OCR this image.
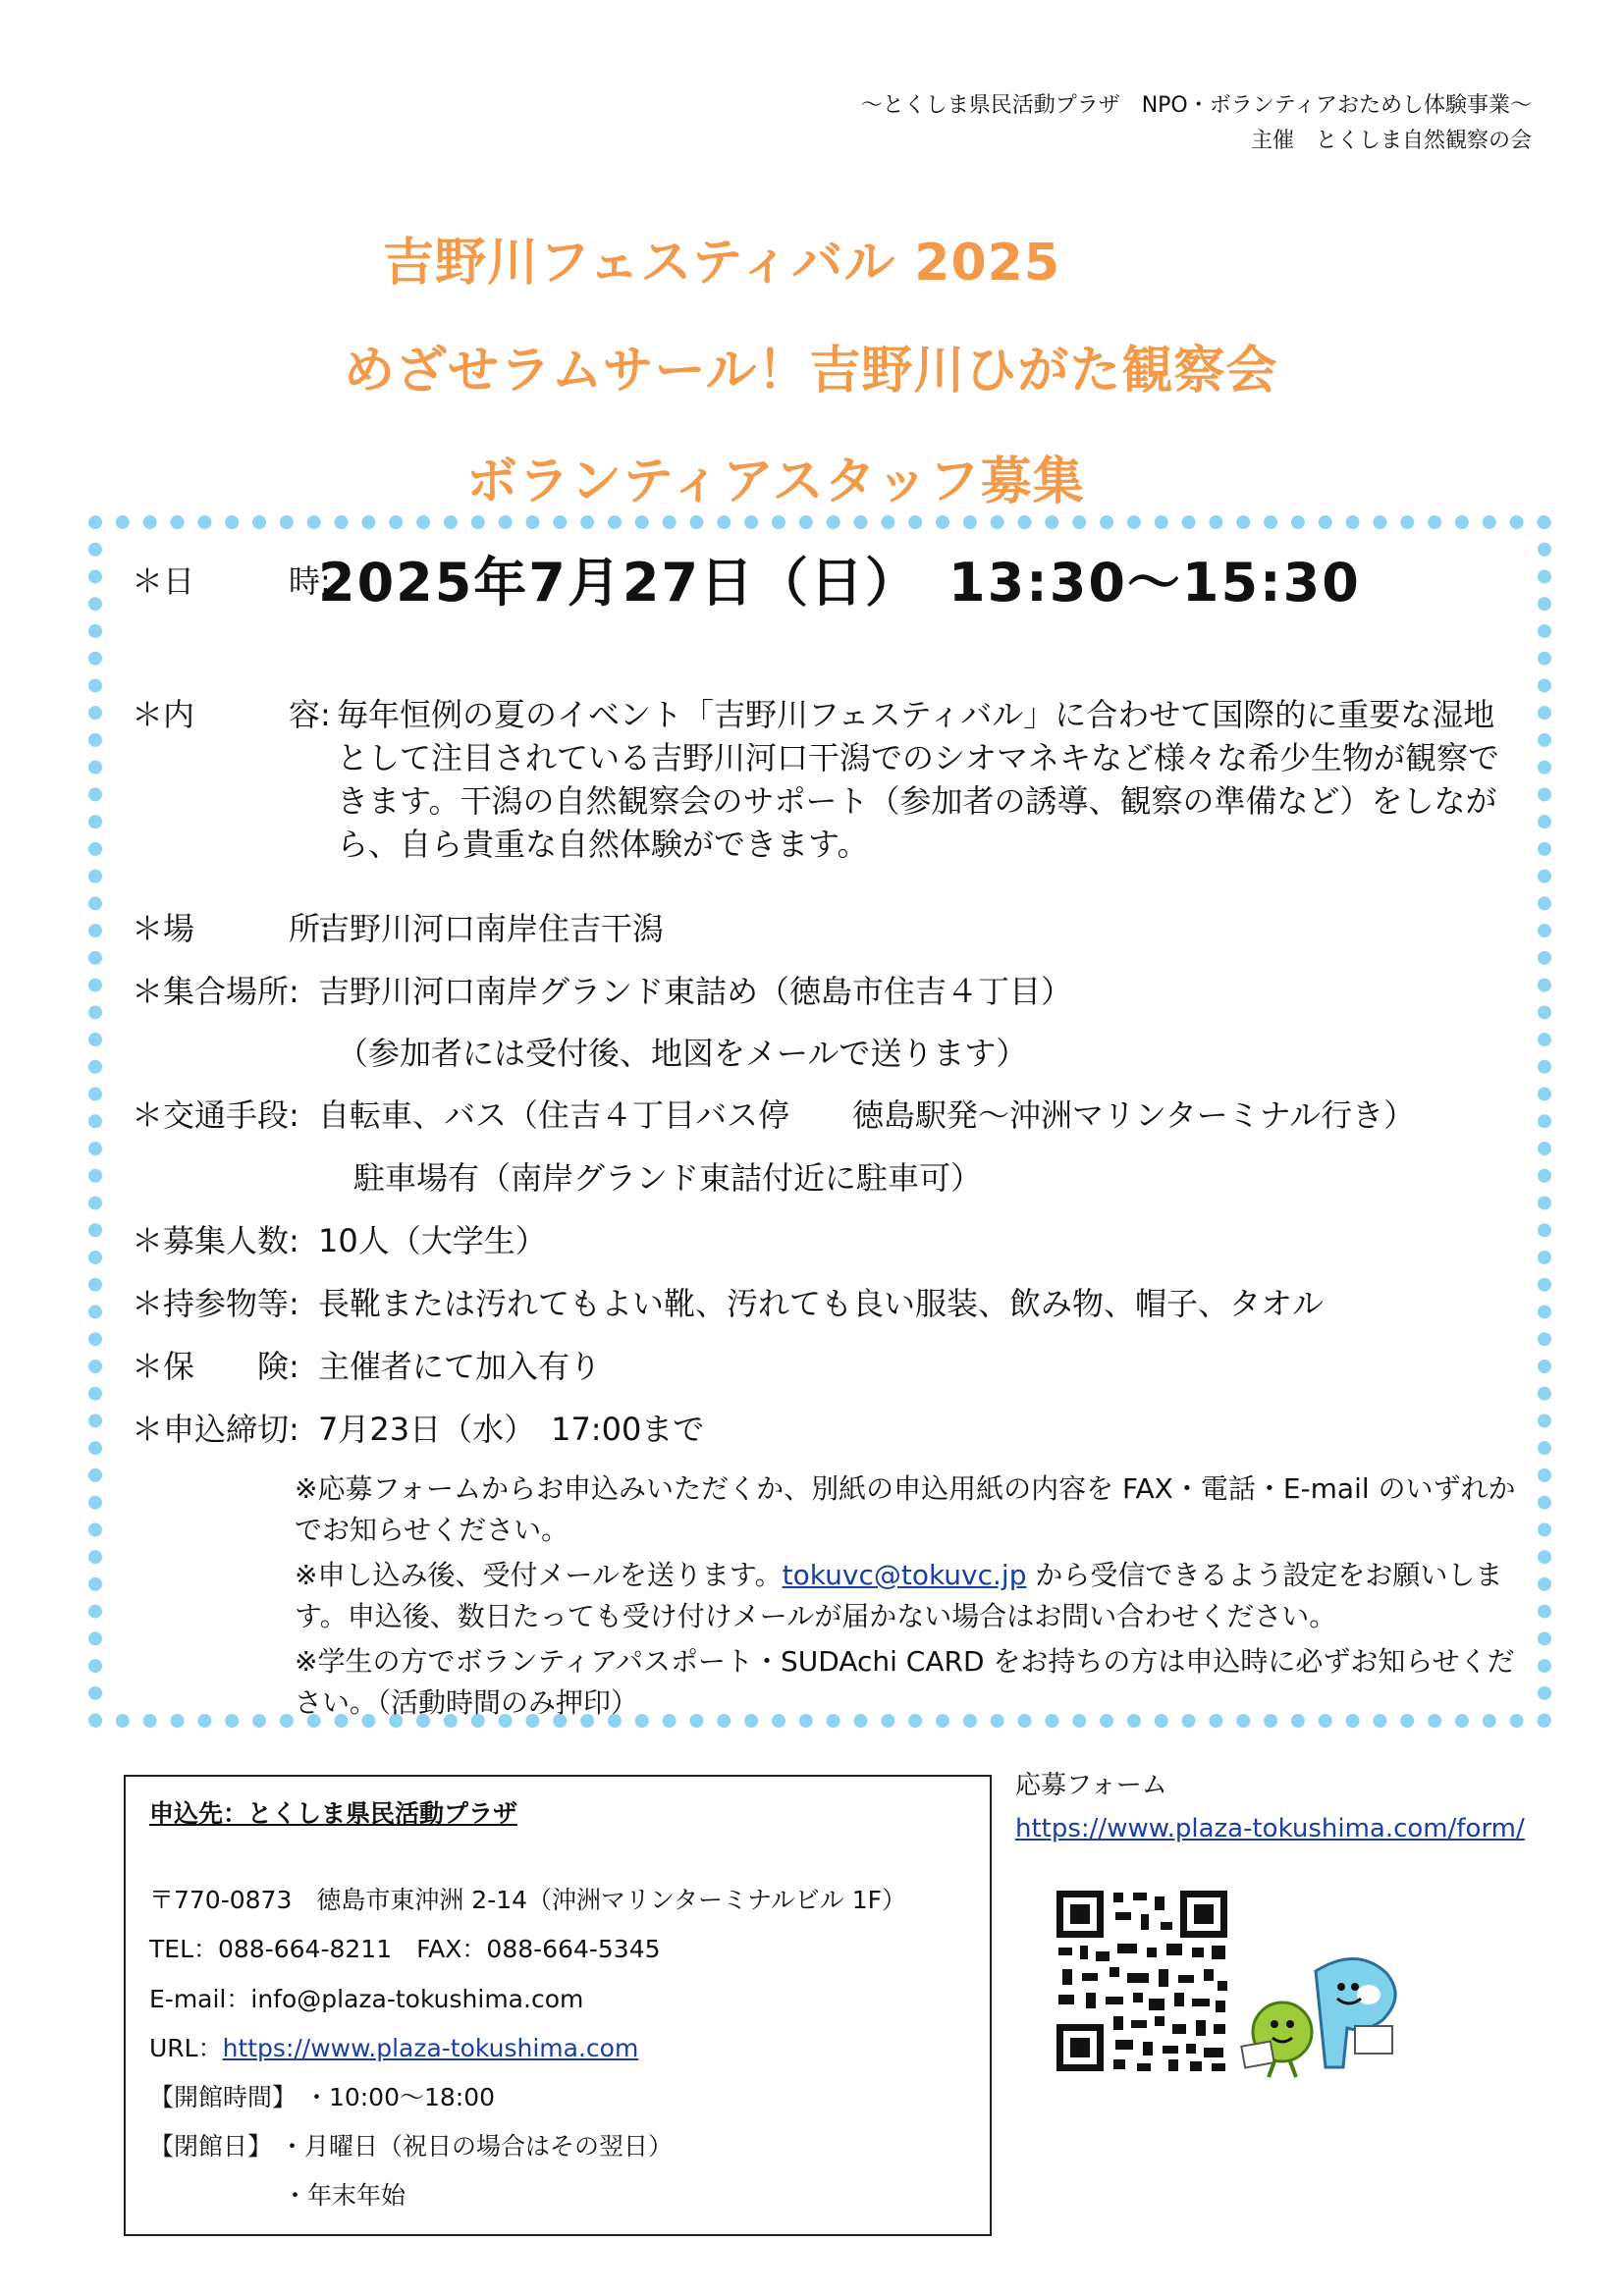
～とくしま県民活動プラザ　NPO・ボランティアおためし体験事業～
主催　とくしま自然観察の会
吉野川フェスティバル 2025
めざせラムサール！吉野川ひがた観察会
ボランティアスタッフ募集
＊日　　　時:2025年7月27日（日）　13:30～15:30
＊内　　　容: 毎年恒例の夏のイベント「吉野川フェスティバル」に合わせて国際的に重要な湿地として注目されている吉野川河口干潟でのシオマネキなど様々な希少生物が観察できます。干潟の自然観察会のサポート（参加者の誘導、観察の準備など）をしながら、自ら貴重な自然体験ができます。
＊場　　　所:吉野川河口南岸住吉干潟
＊集合場所: 吉野川河口南岸グランド東詰め（徳島市住吉４丁目）
（参加者には受付後、地図をメールで送ります）
＊交通手段: 自転車、バス（住吉４丁目バス停　　徳島駅発～沖洲マリンターミナル行き）
駐車場有（南岸グランド東詰付近に駐車可）
＊募集人数: 10人（大学生）
＊持参物等: 長靴または汚れてもよい靴、汚れても良い服装、飲み物、帽子、タオル
＊保　　険: 主催者にて加入有り
＊申込締切: 7月23日（水）　17:00まで
※応募フォームからお申込みいただくか、別紙の申込用紙の内容を FAX・電話・E-mail のいずれかでお知らせください。
※申し込み後、受付メールを送ります。tokuvc@tokuvc.jp から受信できるよう設定をお願いします。申込後、数日たっても受け付けメールが届かない場合はお問い合わせください。
※学生の方でボランティアパスポート・SUDAchi CARD をお持ちの方は申込時に必ずお知らせください。（活動時間のみ押印）
申込先：とくしま県民活動プラザ
〒770-0873　徳島市東沖洲 2-14（沖洲マリンターミナルビル 1F）
TEL：088-664-8211　FAX：088-664-5345
E-mail：info@plaza-tokushima.com
URL：https://www.plaza-tokushima.com
【開館時間】 ・10:00～18:00
【閉館日】 ・月曜日（祝日の場合はその翌日）
・年末年始
応募フォーム
https://www.plaza-tokushima.com/form/
